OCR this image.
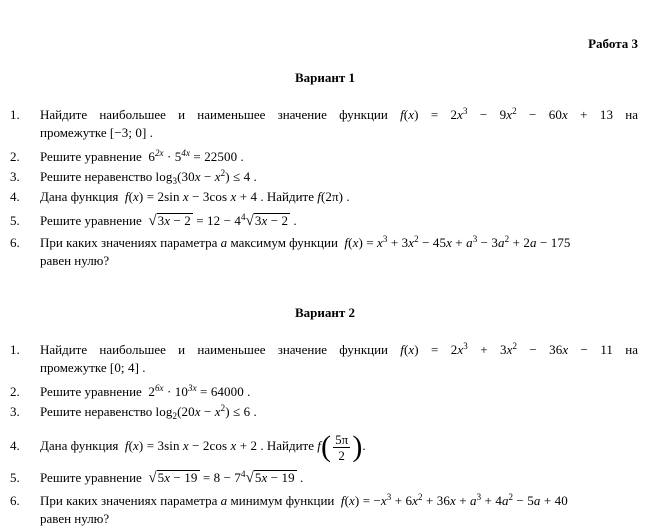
Работа 3
Вариант 1
1. Найдите наибольшее и наименьшее значение функции $f(x) = 2x^3 - 9x^2 - 60x + 13$ на
промежутке [−3; 0] .
2. Решите уравнение $6^{2x} \cdot 5^{4x} = 22500$ .
3. Решите неравенство $\log_3(30x - x^2) \le 4$ .
4. Дана функция f(x) = 2sin x − 3cos x + 4 . Найдите f(2π) .
5. Решите уравнение $√3x - 2 = 12 - 4^4√3x - 2$ .
6. При каких значениях параметра a максимум функции $f(x) = x^3 + 3x^2 - 45x + a^3 - 3a^2 + 2a - 175$
равен нулю?
Вариант 2
1. Найдите наибольшее и наименьшее значение функции $f(x) = 2x^3 + 3x^2 - 36x - 11$ на
промежутке [0; 4] .
2. Решите уравнение $2^{6x} \cdot 10^{3x} = 64000$ .
3. Решите неравенство $\log_2(20x - x^2) \le 6$ .
4. Дана функция f(x) = 3sin x − 2cos x + 2 . Найдите $f( \frac{5\pi}{2}$ ).
5. Решите уравнение $√5x - 19 = 8 - 7^4√5x - 19$ .
6. При каких значениях параметра a минимум функции $f(x) = -x^3 + 6x^2 + 36x + a^3 + 4a^2 - 5a + 40$
равен нулю?
